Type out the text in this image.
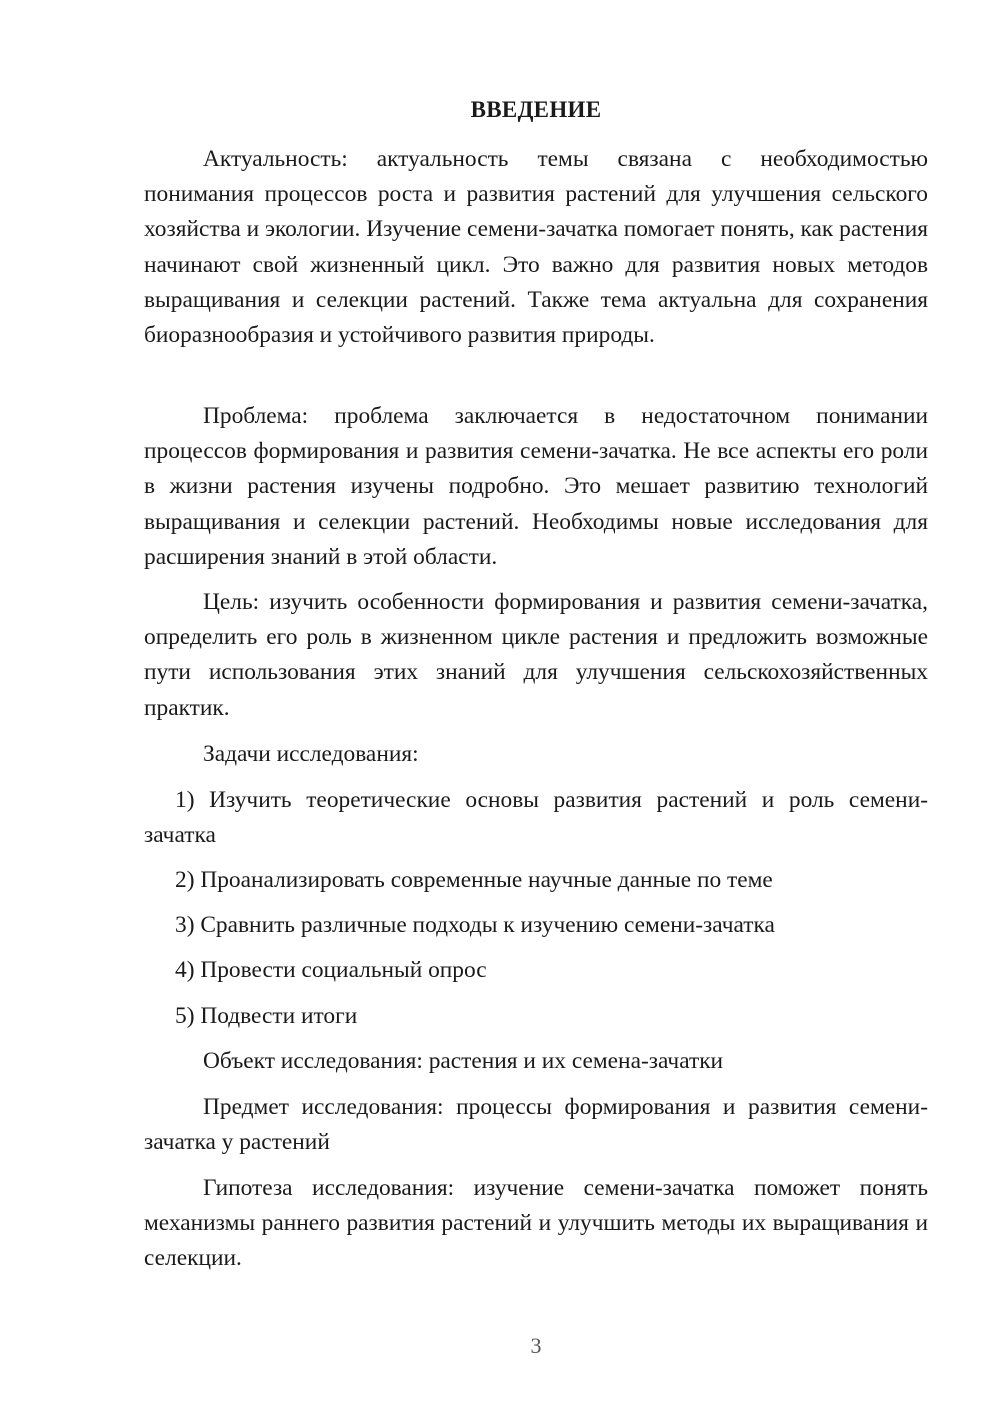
ВВЕДЕНИЕ

Актуальность: актуальность темы связана с необходимостью понимания процессов роста и развития растений для улучшения сельского хозяйства и экологии. Изучение семени-зачатка помогает понять, как растения начинают свой жизненный цикл. Это важно для развития новых методов выращивания и селекции растений. Также тема актуальна для сохранения биоразнообразия и устойчивого развития природы.

Проблема: проблема заключается в недостаточном понимании процессов формирования и развития семени-зачатка. Не все аспекты его роли в жизни растения изучены подробно. Это мешает развитию технологий выращивания и селекции растений. Необходимы новые исследования для расширения знаний в этой области.

Цель: изучить особенности формирования и развития семени-зачатка, определить его роль в жизненном цикле растения и предложить возможные пути использования этих знаний для улучшения сельскохозяйственных практик.

Задачи исследования:

1) Изучить теоретические основы развития растений и роль семени-зачатка

2) Проанализировать современные научные данные по теме

3) Сравнить различные подходы к изучению семени-зачатка

4) Провести социальный опрос

5) Подвести итоги

Объект исследования: растения и их семена-зачатки

Предмет исследования: процессы формирования и развития семени-зачатка у растений

Гипотеза исследования: изучение семени-зачатка поможет понять механизмы раннего развития растений и улучшить методы их выращивания и селекции.

3
